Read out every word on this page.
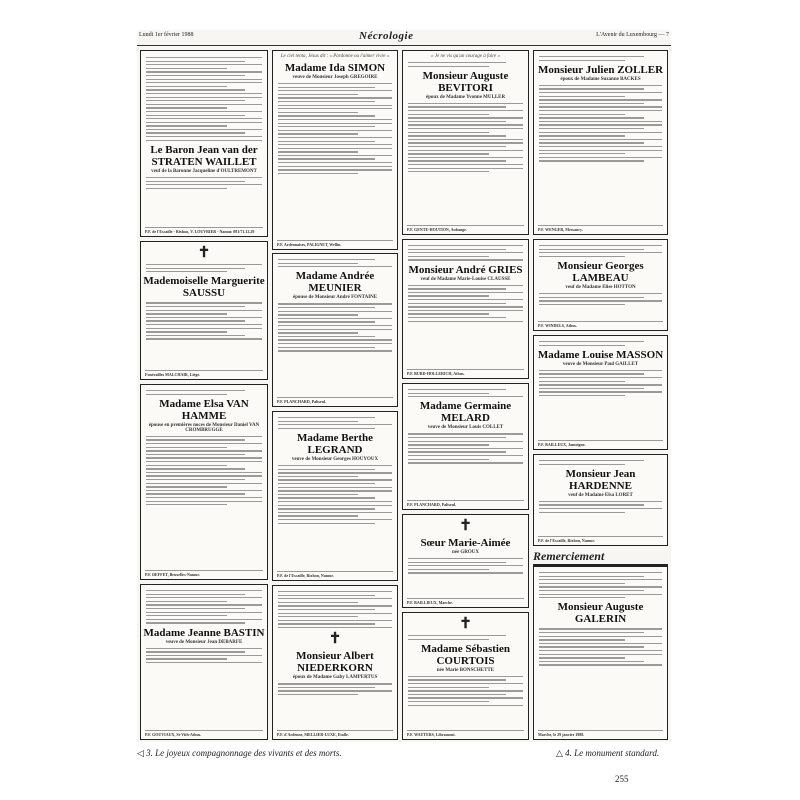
Lundi 1er février 1988	Nécrologie	L'Avenir du Luxembourg — 7
Le Baron Jean van der STRATEN WAILLET
veuf de la Baronne Jacqueline d'OULTREMONT
P.F. de l'Escaille - Rixhon, V. LOUVRIER - Namur. 081/71.12.29
✝
Mademoiselle Marguerite SAUSSU
Funérailles MALCHAIR, Liège.
Madame Elsa VAN HAMME
épouse en premières noces de Monsieur Daniel VAN CROMBRUGGE
P.F. DEFFET, Bruxelles-Namur.
Madame Jeanne BASTIN
veuve de Monsieur Jean DEBARFE
P.F. GOUVIAUX, St-Vith-Athus.
Le ciel tenta, Jésus dit : « Pardonne ou l'aimer vivre »
Madame Ida SIMON
veuve de Monsieur Joseph GREGOIRE
P.F. Ardennaises, PALIGNET, Wellin.
Madame Andrée MEUNIER
épouse de Monsieur André FONTAINE
P.F. PLANCHARD, Paliseul.
Madame Berthe LEGRAND
veuve de Monsieur Georges HOUYOUX
P.F. de l'Escaille, Rixhon, Namur.
✝
Monsieur Albert NIEDERKORN
époux de Madame Gaby LAMPERTUS
P.F. d'Ardenne, MELLIER-LUXE, Etalle.
« Je ne vis qu'un courage à faire »
Monsieur Auguste BEVITORI
époux de Madame Yvonne MULLER
P.F. GENTE-HOUTION, Aubange.
Monsieur André GRIES
veuf de Madame Marie-Louise CLAUSSE
P.F. BURD-HOLLERICH, Athus.
Madame Germaine MELARD
veuve de Monsieur Louis COLLET
P.F. PLANCHARD, Paliseul.
✝
Sœur Marie-Aimée
née GROUX
P.F. BAILLIEUX, Marche.
✝
Madame Sébastien COURTOIS
née Marie BONSCHETTE
P.F. WAUTERS, Libramont.
Monsieur Julien ZOLLER
époux de Madame Suzanne BACKES
P.F. WENGER, Messancy.
Monsieur Georges LAMBEAU
veuf de Madame Elise HOTTON
P.F. WINDELS, Athus.
Madame Louise MASSON
veuve de Monsieur Paul GAILLET
P.F. BAILLEUX, Jamoigne.
Monsieur Jean HARDENNE
veuf de Madame Elsa LORET
P.F. de l'Escaille, Rixhon, Namur.
Remerciement
Monsieur Auguste GALERIN
Marche, le 29 janvier 1988.
◁ 3. Le joyeux compagnonnage des vivants et des morts.	△ 4. Le monument standard.
255
